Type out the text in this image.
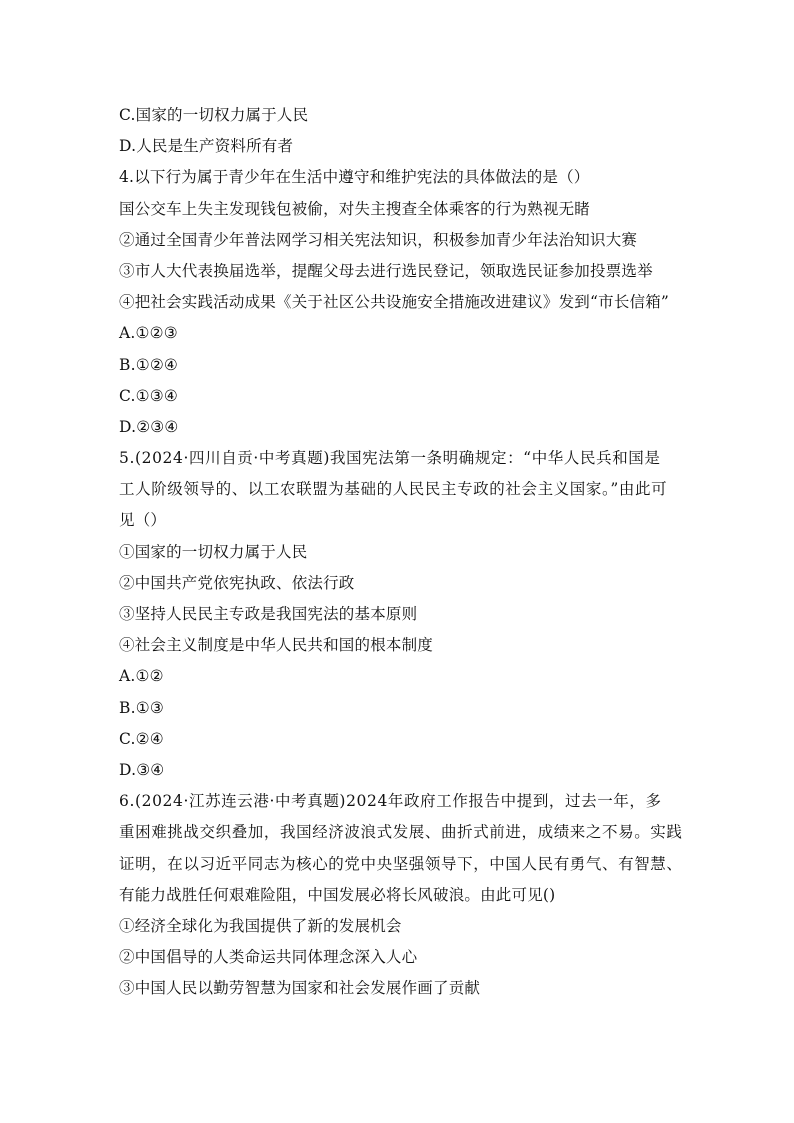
C.国家的一切权力属于人民
D.人民是生产资料所有者
4.以下行为属于青少年在生活中遵守和维护宪法的具体做法的是（）
国公交车上失主发现钱包被偷，对失主搜查全体乘客的行为熟视无睹
②通过全国青少年普法网学习相关宪法知识，积极参加青少年法治知识大赛
③市人大代表换届选举，提醒父母去进行选民登记，领取选民证参加投票选举
④把社会实践活动成果《关于社区公共设施安全措施改进建议》发到“市长信箱”
A.①②③
B.①②④
C.①③④
D.②③④
5.(2024·四川自贡·中考真题)我国宪法第一条明确规定：“中华人民兵和国是
工人阶级领导的、以工农联盟为基础的人民民主专政的社会主义国家。”由此可
见（）
①国家的一切权力属于人民
②中国共产党依宪执政、依法行政
③坚持人民民主专政是我国宪法的基本原则
④社会主义制度是中华人民共和国的根本制度
A.①②
B.①③
C.②④
D.③④
6.(2024·江苏连云港·中考真题)2024年政府工作报告中提到，过去一年，多
重困难挑战交织叠加，我国经济波浪式发展、曲折式前进，成绩来之不易。实践
证明，在以习近平同志为核心的党中央坚强领导下，中国人民有勇气、有智慧、
有能力战胜任何艰难险阻，中国发展必将长风破浪。由此可见()
①经济全球化为我国提供了新的发展机会
②中国倡导的人类命运共同体理念深入人心
③中国人民以勤劳智慧为国家和社会发展作画了贡献
